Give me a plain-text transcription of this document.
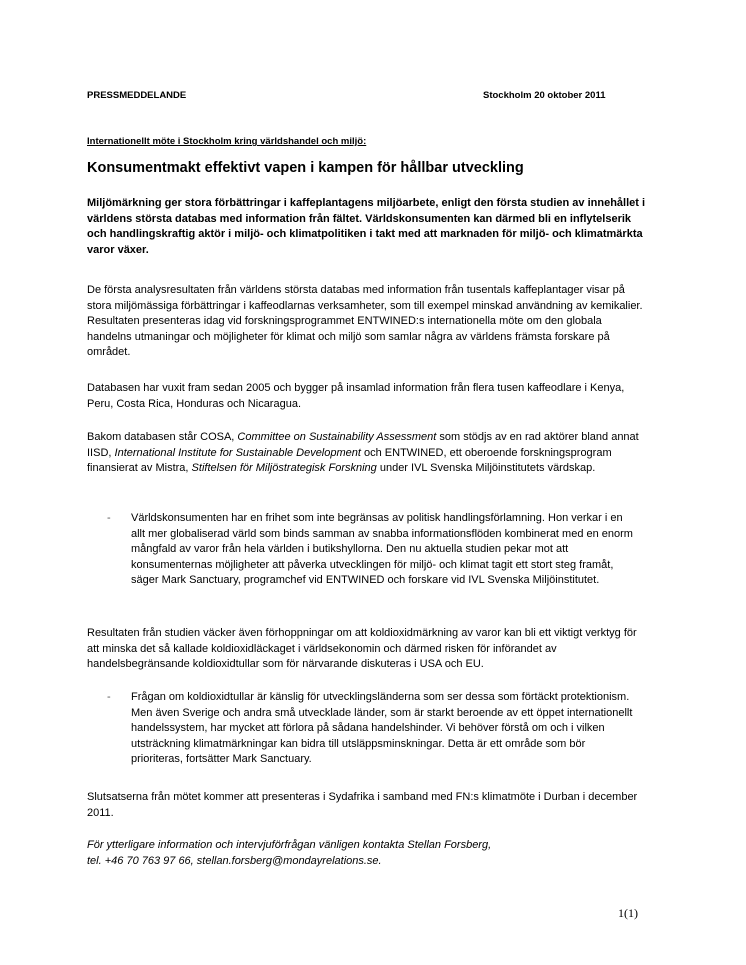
PRESSMEDDELANDE	Stockholm 20 oktober 2011
Internationellt möte i Stockholm kring världshandel och miljö:
Konsumentmakt effektivt vapen i kampen för hållbar utveckling

Miljömärkning ger stora förbättringar i kaffeplantagens miljöarbete, enligt den första studien av innehållet i världens största databas med information från fältet. Världskonsumenten kan därmed bli en inflytelserik och handlingskraftig aktör i miljö- och klimatpolitiken i takt med att marknaden för miljö- och klimatmärkta varor växer.

De första analysresultaten från världens största databas med information från tusentals kaffeplantager visar på stora miljömässiga förbättringar i kaffeodlarnas verksamheter, som till exempel minskad användning av kemikalier. Resultaten presenteras idag vid forskningsprogrammet ENTWINED:s internationella möte om den globala handelns utmaningar och möjligheter för klimat och miljö som samlar några av världens främsta forskare på området.

Databasen har vuxit fram sedan 2005 och bygger på insamlad information från flera tusen kaffeodlare i Kenya, Peru, Costa Rica, Honduras och Nicaragua.

Bakom databasen står COSA, Committee on Sustainability Assessment som stödjs av en rad aktörer bland annat IISD, International Institute for Sustainable Development och ENTWINED, ett oberoende forskningsprogram finansierat av Mistra, Stiftelsen för Miljöstrategisk Forskning under IVL Svenska Miljöinstitutets värdskap.

- Världskonsumenten har en frihet som inte begränsas av politisk handlingsförlamning. Hon verkar i en allt mer globaliserad värld som binds samman av snabba informationsflöden kombinerat med en enorm mångfald av varor från hela världen i butikshyllorna. Den nu aktuella studien pekar mot att konsumenternas möjligheter att påverka utvecklingen för miljö- och klimat tagit ett stort steg framåt, säger Mark Sanctuary, programchef vid ENTWINED och forskare vid IVL Svenska Miljöinstitutet.

Resultaten från studien väcker även förhoppningar om att koldioxidmärkning av varor kan bli ett viktigt verktyg för att minska det så kallade koldioxidläckaget i världsekonomin och därmed risken för införandet av handelsbegränsande koldioxidtullar som för närvarande diskuteras i USA och EU.

- Frågan om koldioxidtullar är känslig för utvecklingsländerna som ser dessa som förtäckt protektionism. Men även Sverige och andra små utvecklade länder, som är starkt beroende av ett öppet internationellt handelssystem, har mycket att förlora på sådana handelshinder. Vi behöver förstå om och i vilken utsträckning klimatmärkningar kan bidra till utsläppsminskningar. Detta är ett område som bör prioriteras, fortsätter Mark Sanctuary.

Slutsatserna från mötet kommer att presenteras i Sydafrika i samband med FN:s klimatmöte i Durban i december 2011.

För ytterligare information och intervjuförfrågan vänligen kontakta Stellan Forsberg,
tel. +46 70 763 97 66, stellan.forsberg@mondayrelations.se.

1(1)
